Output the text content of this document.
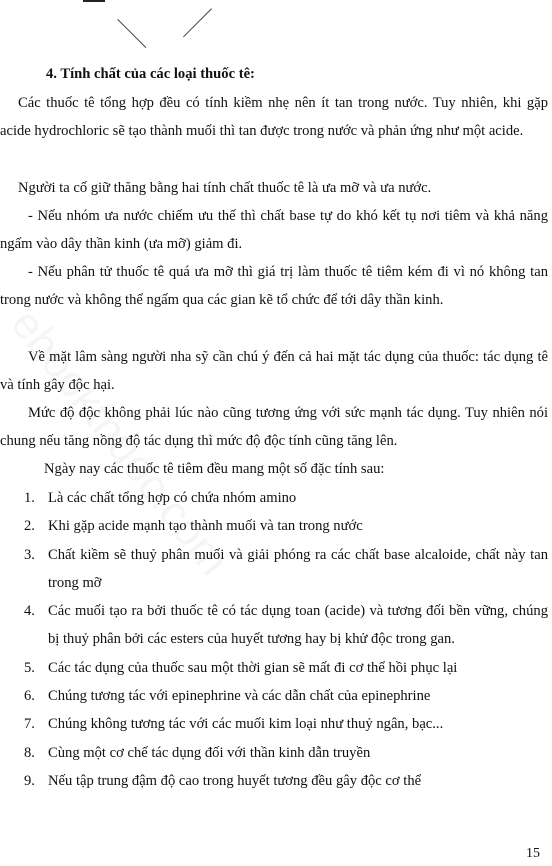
4. Tính chất của các loại thuốc tê:

Các thuốc tê tổng hợp đều có tính kiềm nhẹ nên ít tan trong nước. Tuy nhiên, khi gặp acide hydrochloric sẽ tạo thành muối thì tan được trong nước và phản ứng như một acide.

Người ta cố giữ thăng bằng hai tính chất thuốc tê là ưa mỡ và ưa nước.

- Nếu nhóm ưa nước chiếm ưu thế thì chất base tự do khó kết tụ nơi tiêm và khả năng ngấm vào dây thần kinh (ưa mỡ) giảm đi.

- Nếu phân tử thuốc tê quá ưa mỡ thì giá trị làm thuốc tê tiêm kém đi vì nó không tan trong nước và không thể ngấm qua các gian kẽ tổ chức để tới dây thần kinh.

Về mặt lâm sàng người nha sỹ cần chú ý đến cả hai mặt tác dụng của thuốc: tác dụng tê và tính gây độc hại.

Mức độ độc không phải lúc nào cũng tương ứng với sức mạnh tác dụng. Tuy nhiên nói chung nếu tăng nồng độ tác dụng thì mức độ độc tính cũng tăng lên.

Ngày nay các thuốc tê tiêm đều mang một số đặc tính sau:

1. Là các chất tổng hợp có chứa nhóm amino
2. Khi gặp acide mạnh tạo thành muối và tan trong nước
3. Chất kiềm sẽ thuỷ phân muối và giải phóng ra các chất base alcaloide, chất này tan trong mỡ
4. Các muối tạo ra bởi thuốc tê có tác dụng toan (acide) và tương đối bền vững, chúng bị thuỷ phân bởi các esters của huyết tương hay bị khử độc trong gan.
5. Các tác dụng của thuốc sau một thời gian sẽ mất đi cơ thể hồi phục lại
6. Chúng tương tác với epinephrine và các dẫn chất của epinephrine
7. Chúng không tương tác với các muối kim loại như thuỷ ngân, bạc...
8. Cùng một cơ chế tác dụng đối với thần kinh dẫn truyền
9. Nếu tập trung đậm độ cao trong huyết tương đều gây độc cơ thể
15
